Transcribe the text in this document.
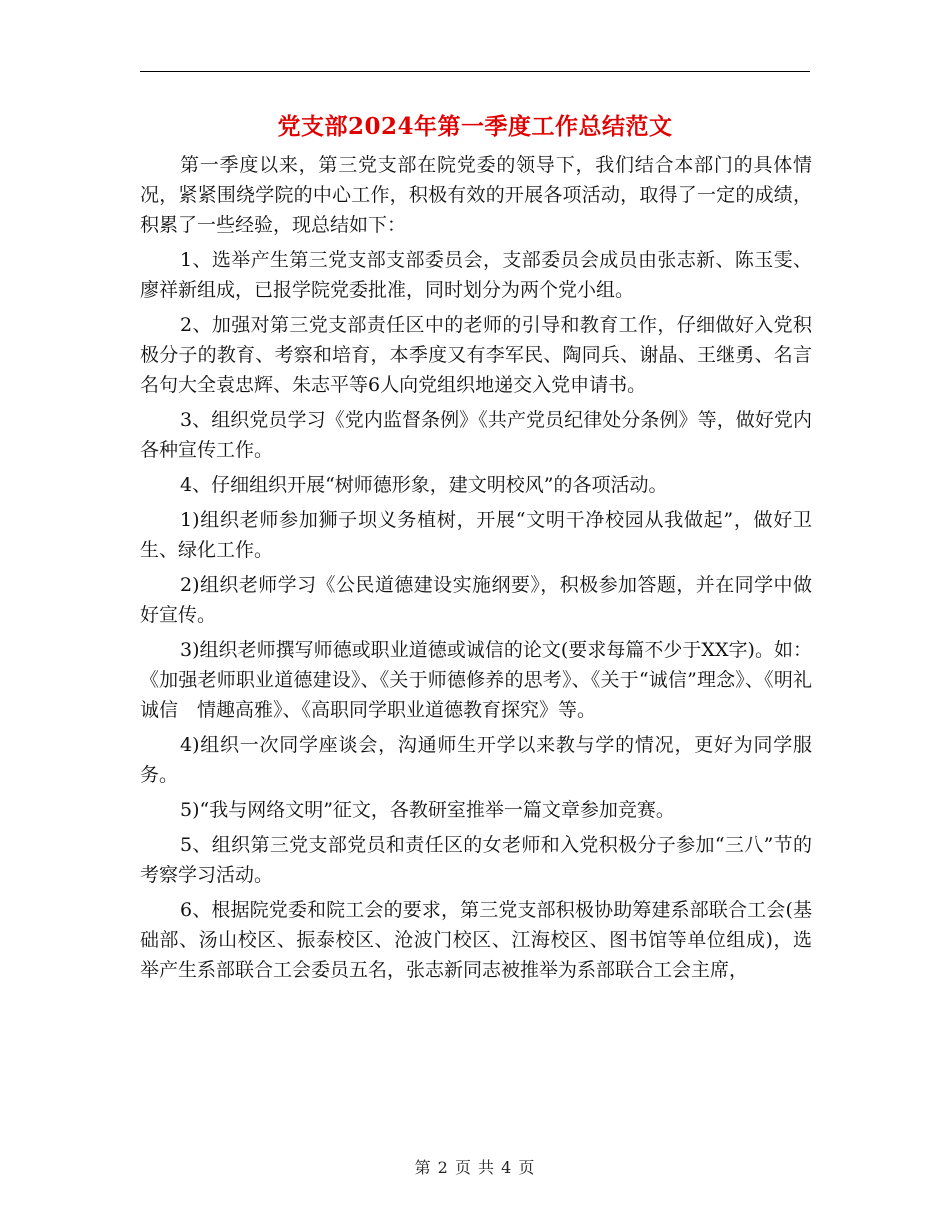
党支部2024年第一季度工作总结范文

第一季度以来，第三党支部在院党委的领导下，我们结合本部门的具体情况，紧紧围绕学院的中心工作，积极有效的开展各项活动，取得了一定的成绩，积累了一些经验，现总结如下：

1、选举产生第三党支部支部委员会，支部委员会成员由张志新、陈玉雯、廖祥新组成，已报学院党委批准，同时划分为两个党小组。

2、加强对第三党支部责任区中的老师的引导和教育工作，仔细做好入党积极分子的教育、考察和培育，本季度又有李军民、陶同兵、谢晶、王继勇、名言名句大全袁忠辉、朱志平等6人向党组织地递交入党申请书。

3、组织党员学习《党内监督条例》《共产党员纪律处分条例》等，做好党内各种宣传工作。

4、仔细组织开展“树师德形象，建文明校风”的各项活动。

1)组织老师参加狮子坝义务植树，开展“文明干净校园从我做起”，做好卫生、绿化工作。

2)组织老师学习《公民道德建设实施纲要》，积极参加答题，并在同学中做好宣传。

3)组织老师撰写师德或职业道德或诚信的论文(要求每篇不少于XX字)。如：《加强老师职业道德建设》、《关于师德修养的思考》、《关于“诚信”理念》、《明礼诚信　情趣高雅》、《高职同学职业道德教育探究》等。

4)组织一次同学座谈会，沟通师生开学以来教与学的情况，更好为同学服务。

5)“我与网络文明”征文，各教研室推举一篇文章参加竞赛。

5、组织第三党支部党员和责任区的女老师和入党积极分子参加“三八”节的考察学习活动。

6、根据院党委和院工会的要求，第三党支部积极协助筹建系部联合工会(基础部、汤山校区、振泰校区、沧波门校区、江海校区、图书馆等单位组成)，选举产生系部联合工会委员五名，张志新同志被推举为系部联合工会主席，

第 2 页 共 4 页
